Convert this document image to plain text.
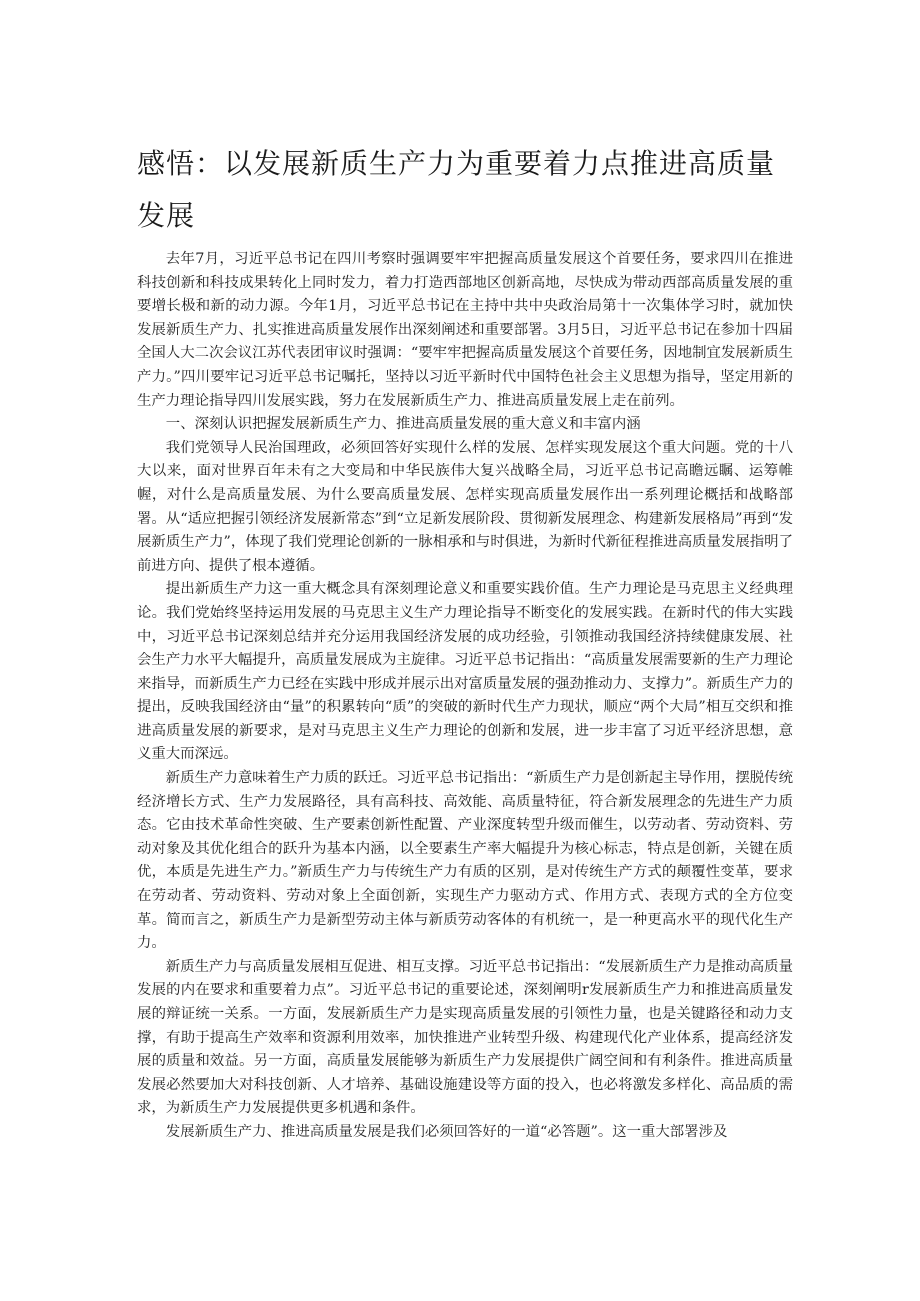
感悟：以发展新质生产力为重要着力点推进高质量发展

去年7月，习近平总书记在四川考察时强调要牢牢把握高质量发展这个首要任务，要求四川在推进科技创新和科技成果转化上同时发力，着力打造西部地区创新高地，尽快成为带动西部高质量发展的重要增长极和新的动力源。今年1月，习近平总书记在主持中共中央政治局第十一次集体学习时，就加快发展新质生产力、扎实推进高质量发展作出深刻阐述和重要部署。3月5日，习近平总书记在参加十四届全国人大二次会议江苏代表团审议时强调：“要牢牢把握高质量发展这个首要任务，因地制宜发展新质生产力。”四川要牢记习近平总书记嘱托，坚持以习近平新时代中国特色社会主义思想为指导，坚定用新的生产力理论指导四川发展实践，努力在发展新质生产力、推进高质量发展上走在前列。

一、深刻认识把握发展新质生产力、推进高质量发展的重大意义和丰富内涵

我们党领导人民治国理政，必须回答好实现什么样的发展、怎样实现发展这个重大问题。党的十八大以来，面对世界百年未有之大变局和中华民族伟大复兴战略全局，习近平总书记高瞻远瞩、运筹帷幄，对什么是高质量发展、为什么要高质量发展、怎样实现高质量发展作出一系列理论概括和战略部署。从“适应把握引领经济发展新常态”到“立足新发展阶段、贯彻新发展理念、构建新发展格局”再到“发展新质生产力”，体现了我们党理论创新的一脉相承和与时俱进，为新时代新征程推进高质量发展指明了前进方向、提供了根本遵循。

提出新质生产力这一重大概念具有深刻理论意义和重要实践价值。生产力理论是马克思主义经典理论。我们党始终坚持运用发展的马克思主义生产力理论指导不断变化的发展实践。在新时代的伟大实践中，习近平总书记深刻总结并充分运用我国经济发展的成功经验，引领推动我国经济持续健康发展、社会生产力水平大幅提升，高质量发展成为主旋律。习近平总书记指出：“高质量发展需要新的生产力理论来指导，而新质生产力已经在实践中形成并展示出对富质量发展的强劲推动力、支撑力”。新质生产力的提出，反映我国经济由“量”的积累转向“质”的突破的新时代生产力现状，顺应“两个大局”相互交织和推进高质量发展的新要求，是对马克思主义生产力理论的创新和发展，进一步丰富了习近平经济思想，意义重大而深远。

新质生产力意味着生产力质的跃迁。习近平总书记指出：“新质生产力是创新起主导作用，摆脱传统经济增长方式、生产力发展路径，具有高科技、高效能、高质量特征，符合新发展理念的先进生产力质态。它由技术革命性突破、生产要素创新性配置、产业深度转型升级而催生，以劳动者、劳动资料、劳动对象及其优化组合的跃升为基本内涵，以全要素生产率大幅提升为核心标志，特点是创新，关键在质优，本质是先进生产力。”新质生产力与传统生产力有质的区别，是对传统生产方式的颠覆性变革，要求在劳动者、劳动资料、劳动对象上全面创新，实现生产力驱动方式、作用方式、表现方式的全方位变革。简而言之，新质生产力是新型劳动主体与新质劳动客体的有机统一，是一种更高水平的现代化生产力。

新质生产力与高质量发展相互促进、相互支撑。习近平总书记指出：“发展新质生产力是推动高质量发展的内在要求和重要着力点”。习近平总书记的重要论述，深刻阐明r发展新质生产力和推进高质量发展的辩证统一关系。一方面，发展新质生产力是实现高质量发展的引领性力量，也是关键路径和动力支撑，有助于提高生产效率和资源利用效率，加快推进产业转型升级、构建现代化产业体系，提高经济发展的质量和效益。另一方面，高质量发展能够为新质生产力发展提供广阔空间和有利条件。推进高质量发展必然要加大对科技创新、人才培养、基础设施建设等方面的投入，也必将激发多样化、高品质的需求，为新质生产力发展提供更多机遇和条件。

发展新质生产力、推进高质量发展是我们必须回答好的一道“必答题”。这一重大部署涉及
